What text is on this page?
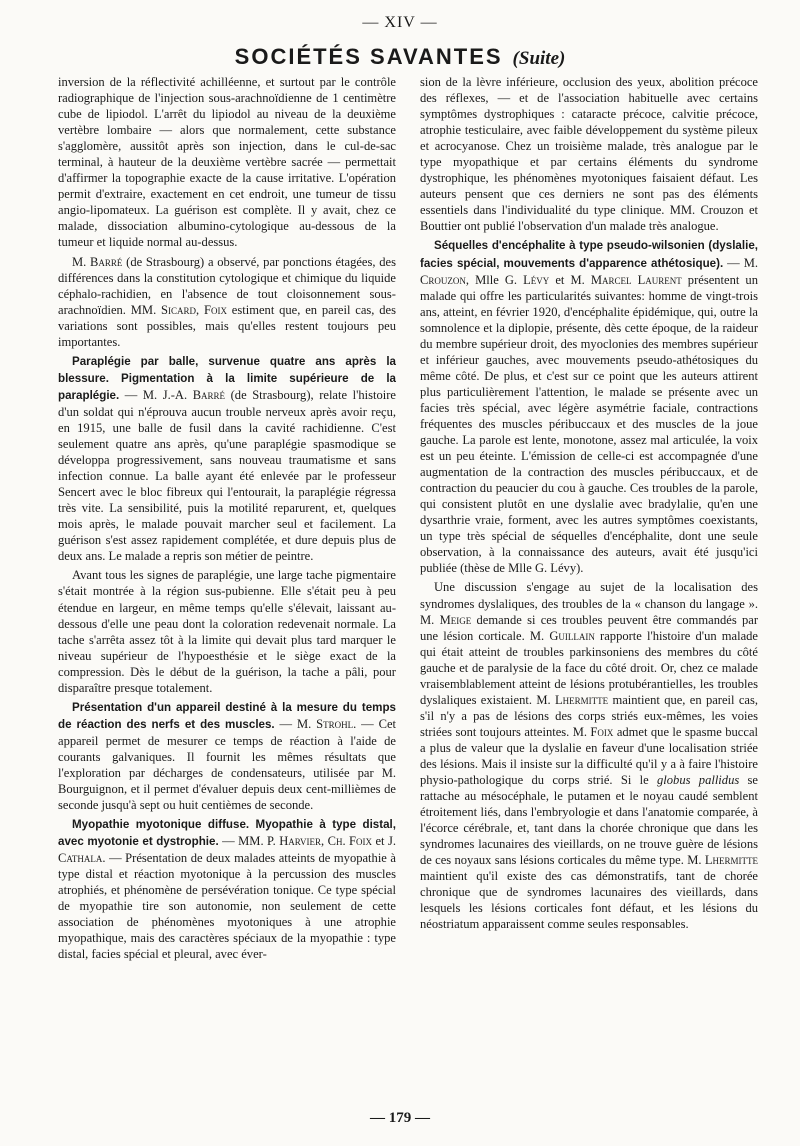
— XIV —
SOCIÉTÉS SAVANTES (Suite)

inversion de la réflectivité achilléenne, et surtout par le contrôle radiographique de l'injection sous-arachnoïdienne de 1 centimètre cube de lipiodol. L'arrêt du lipiodol au niveau de la deuxième vertèbre lombaire — alors que normalement, cette substance s'agglomère, aussitôt après son injection, dans le cul-de-sac terminal, à hauteur de la deuxième vertèbre sacrée — permettait d'affirmer la topographie exacte de la cause irritative. L'opération permit d'extraire, exactement en cet endroit, une tumeur de tissu angio-lipomateux. La guérison est complète. Il y avait, chez ce malade, dissociation albumino-cytologique au-dessous de la tumeur et liquide normal au-dessus.

M. Barré (de Strasbourg) a observé, par ponctions étagées, des différences dans la constitution cytologique et chimique du liquide céphalo-rachidien, en l'absence de tout cloisonnement sous-arachnoïdien. MM. Sicard, Foix estiment que, en pareil cas, des variations sont possibles, mais qu'elles restent toujours peu importantes.

Paraplégie par balle, survenue quatre ans après la blessure. Pigmentation à la limite supérieure de la paraplégie. — M. J.-A. Barré (de Strasbourg), relate l'histoire d'un soldat qui n'éprouva aucun trouble nerveux après avoir reçu, en 1915, une balle de fusil dans la cavité rachidienne. C'est seulement quatre ans après, qu'une paraplégie spasmodique se développa progressivement, sans nouveau traumatisme et sans infection connue. La balle ayant été enlevée par le professeur Sencert avec le bloc fibreux qui l'entourait, la paraplégie régressa très vite. La sensibilité, puis la motilité reparurent, et, quelques mois après, le malade pouvait marcher seul et facilement. La guérison s'est assez rapidement complétée, et dure depuis plus de deux ans. Le malade a repris son métier de peintre.

Avant tous les signes de paraplégie, une large tache pigmentaire s'était montrée à la région sus-pubienne. Elle s'était peu à peu étendue en largeur, en même temps qu'elle s'élevait, laissant au-dessous d'elle une peau dont la coloration redevenait normale. La tache s'arrêta assez tôt à la limite qui devait plus tard marquer le niveau supérieur de l'hypoesthésie et le siège exact de la compression. Dès le début de la guérison, la tache a pâli, pour disparaître presque totalement.

Présentation d'un appareil destiné à la mesure du temps de réaction des nerfs et des muscles. — M. Strohl. — Cet appareil permet de mesurer ce temps de réaction à l'aide de courants galvaniques. Il fournit les mêmes résultats que l'exploration par décharges de condensateurs, utilisée par M. Bourguignon, et il permet d'évaluer depuis deux cent-millièmes de seconde jusqu'à sept ou huit centièmes de seconde.

Myopathie myotonique diffuse. Myopathie à type distal, avec myotonie et dystrophie. — MM. P. Harvier, Ch. Foix et J. Cathala. — Présentation de deux malades atteints de myopathie à type distal et réaction myotonique à la percussion des muscles atrophiés, et phénomène de persévération tonique. Ce type spécial de myopathie tire son autonomie, non seulement de cette association de phénomènes myotoniques à une atrophie myopathique, mais des caractères spéciaux de la myopathie : type distal, facies spécial et pleural, avec éver-

sion de la lèvre inférieure, occlusion des yeux, abolition précoce des réflexes, — et de l'association habituelle avec certains symptômes dystrophiques : cataracte précoce, calvitie précoce, atrophie testiculaire, avec faible développement du système pileux et acrocyanose. Chez un troisième malade, très analogue par le type myopathique et par certains éléments du syndrome dystrophique, les phénomènes myotoniques faisaient défaut. Les auteurs pensent que ces derniers ne sont pas des éléments essentiels dans l'individualité du type clinique. MM. Crouzon et Bouttier ont publié l'observation d'un malade très analogue.

Séquelles d'encéphalite à type pseudo-wilsonien (dyslalie, facies spécial, mouvements d'apparence athétosique). — M. Crouzon, Mlle G. Lévy et M. Marcel Laurent présentent un malade qui offre les particularités suivantes: homme de vingt-trois ans, atteint, en février 1920, d'encéphalite épidémique, qui, outre la somnolence et la diplopie, présente, dès cette époque, de la raideur du membre supérieur droit, des myoclonies des membres supérieur et inférieur gauches, avec mouvements pseudo-athétosiques du même côté. De plus, et c'est sur ce point que les auteurs attirent plus particulièrement l'attention, le malade se présente avec un facies très spécial, avec légère asymétrie faciale, contractions fréquentes des muscles péribuccaux et des muscles de la joue gauche. La parole est lente, monotone, assez mal articulée, la voix est un peu éteinte. L'émission de celle-ci est accompagnée d'une augmentation de la contraction des muscles péribuccaux, et de contraction du peaucier du cou à gauche. Ces troubles de la parole, qui consistent plutôt en une dyslalie avec bradylalie, qu'en une dysarthrie vraie, forment, avec les autres symptômes coexistants, un type très spécial de séquelles d'encéphalite, dont une seule observation, à la connaissance des auteurs, avait été jusqu'ici publiée (thèse de Mlle G. Lévy).

Une discussion s'engage au sujet de la localisation des syndromes dyslaliques, des troubles de la « chanson du langage ». M. Meige demande si ces troubles peuvent être commandés par une lésion corticale. M. Guillain rapporte l'histoire d'un malade qui était atteint de troubles parkinsoniens des membres du côté gauche et de paralysie de la face du côté droit. Or, chez ce malade vraisemblablement atteint de lésions protubérantielles, les troubles dyslaliques existaient. M. Lhermitte maintient que, en pareil cas, s'il n'y a pas de lésions des corps striés eux-mêmes, les voies striées sont toujours atteintes. M. Foix admet que le spasme buccal a plus de valeur que la dyslalie en faveur d'une localisation striée des lésions. Mais il insiste sur la difficulté qu'il y a à faire l'histoire physio-pathologique du corps strié. Si le globus pallidus se rattache au mésocéphale, le putamen et le noyau caudé semblent étroitement liés, dans l'embryologie et dans l'anatomie comparée, à l'écorce cérébrale, et, tant dans la chorée chronique que dans les syndromes lacunaires des vieillards, on ne trouve guère de lésions de ces noyaux sans lésions corticales du même type. M. Lhermitte maintient qu'il existe des cas démonstratifs, tant de chorée chronique que de syndromes lacunaires des vieillards, dans lesquels les lésions corticales font défaut, et les lésions du néostriatum apparaissent comme seules responsables.

— 179 —
